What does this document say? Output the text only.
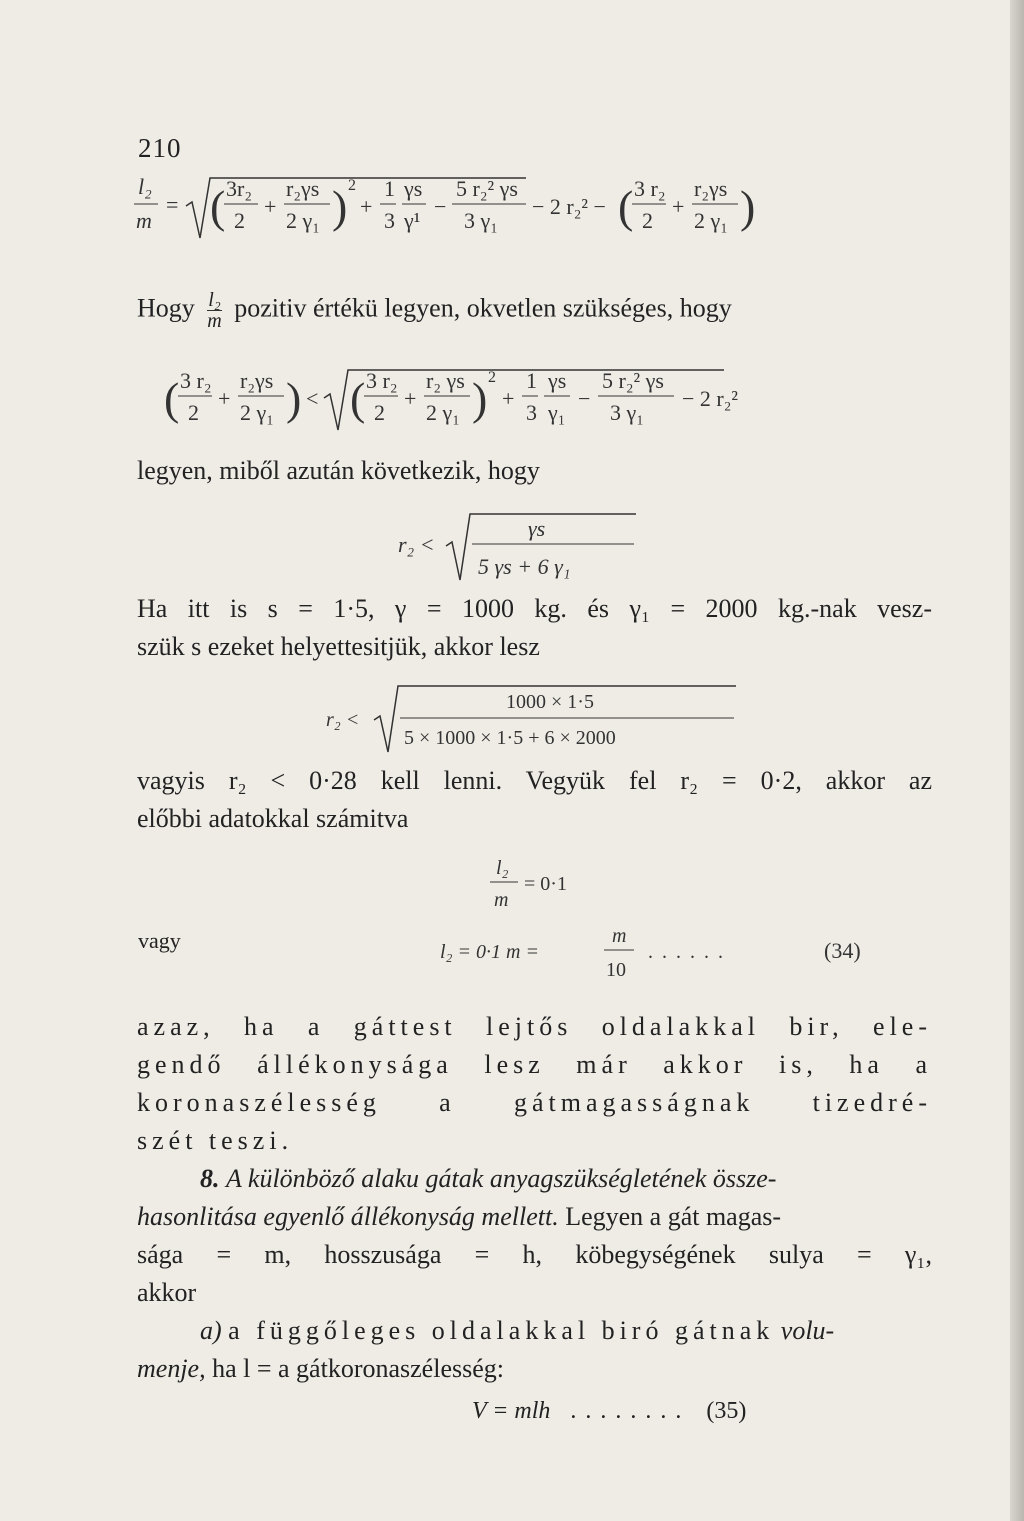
210
l₂
m
= ( 3r₂
2
+
r₂γs
2 γ₁ ) 2
+
1
3
γs
γ¹
−
5 r₂² γs
3 γ₁
− 2 r₂² − ( 3 r₂
2
+
r₂γs
2 γ₁ )
Hogy $\frac{\text{l₂}}{m}$ pozitiv értékü legyen, okvetlen szükséges, hogy
( 3 r₂
2
+
r₂γs
2 γ₁ ) < ( 3 r₂
2
+
r₂ γs
2 γ₁ ) 2
+
1
3
γs
γ₁
−
5 r₂² γs
3 γ₁
− 2 r₂²
legyen, miből azután következik, hogy
r₂ <
γs
5 γs + 6 γ₁
Ha itt is s = 1·5, γ = 1000 kg. és γ₁ = 2000 kg.-nak vesz-
szük s ezeket helyettesitjük, akkor lesz
r₂ <
1000 × 1·5
5 × 1000 × 1·5 + 6 × 2000
vagyis r₂ < 0·28 kell lenni. Vegyük fel r₂ = 0·2, akkor az
előbbi adatokkal számitva
l₂
m
= 0·1
vagy	l₂ = 0·1 m =
m
10
......	(34)
azaz, ha a gáttest lejtős oldalakkal bir, ele-
gendő állékonysága lesz már akkor is, ha a
koronaszélesség a gátmagasságnak tizedré-
szét teszi.
8. A különböző alaku gátak anyagszükségletének össze-
hasonlitása egyenlő állékonyság mellett. Legyen a gát magas-
sága = m, hosszusága = h, köbegységének sulya = γ₁,
akkor
a) a függőleges oldalakkal biró gátnak volu-
menje, ha l = a gátkoronaszélesség:
V = mlh ........ (35)
